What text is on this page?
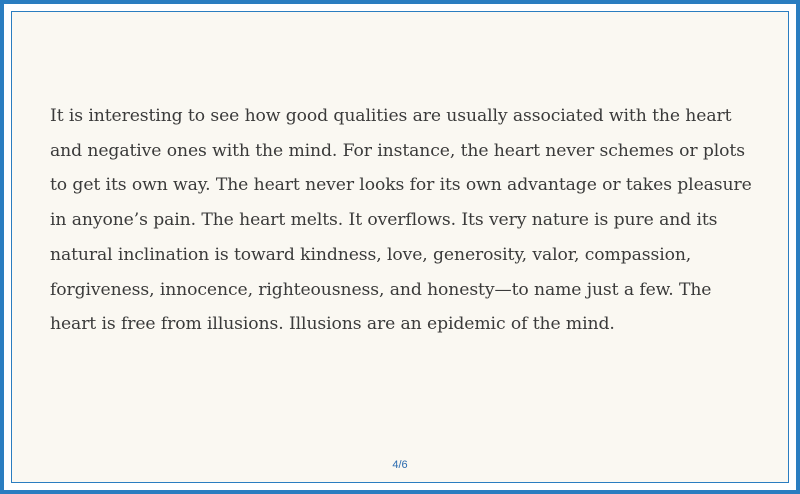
It is interesting to see how good qualities are usually associated with the heart
and negative ones with the mind. For instance, the heart never schemes or plots
to get its own way. The heart never looks for its own advantage or takes pleasure
in anyone’s pain. The heart melts. It overflows. Its very nature is pure and its
natural inclination is toward kindness, love, generosity, valor, compassion,
forgiveness, innocence, righteousness, and honesty—to name just a few. The
heart is free from illusions. Illusions are an epidemic of the mind.

4/6
